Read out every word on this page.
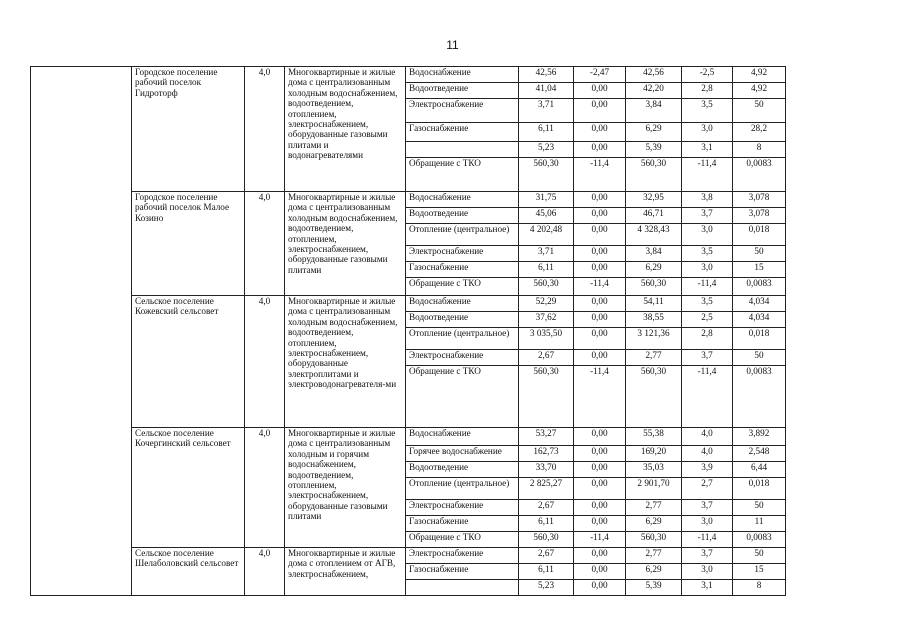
11
	Городское поселение рабочий поселок Гидроторф	4,0	Многоквартирные и жилые дома с централизованным холодным водоснабжением, водоотведением, отоплением, электроснабжением, оборудованные газовыми плитами и водонагревателями	Водоснабжение	42,56	-2,47	42,56	-2,5	4,92
				Водоотведение	41,04	0,00	42,20	2,8	4,92
				Электроснабжение	3,71	0,00	3,84	3,5	50
				Газоснабжение	6,11	0,00	6,29	3,0	28,2
					5,23	0,00	5,39	3,1	8
				Обращение с ТКО	560,30	-11,4	560,30	-11,4	0,0083
	Городское поселение рабочий поселок Малое Козино	4,0	Многоквартирные и жилые дома с централизованным холодным водоснабжением, водоотведением, отоплением, электроснабжением, оборудованные газовыми плитами	Водоснабжение	31,75	0,00	32,95	3,8	3,078
				Водоотведение	45,06	0,00	46,71	3,7	3,078
				Отопление (центральное)	4 202,48	0,00	4 328,43	3,0	0,018
				Электроснабжение	3,71	0,00	3,84	3,5	50
				Газоснабжение	6,11	0,00	6,29	3,0	15
				Обращение с ТКО	560,30	-11,4	560,30	-11,4	0,0083
	Сельское поселение Кожевский сельсовет	4,0	Многоквартирные и жилые дома с централизованным холодным водоснабжением, водоотведением, отоплением, электроснабжением, оборудованные электроплитами и электроводонагревателя-ми	Водоснабжение	52,29	0,00	54,11	3,5	4,034
				Водоотведение	37,62	0,00	38,55	2,5	4,034
				Отопление (центральное)	3 035,50	0,00	3 121,36	2,8	0,018
				Электроснабжение	2,67	0,00	2,77	3,7	50
				Обращение с ТКО	560,30	-11,4	560,30	-11,4	0,0083
	Сельское поселение Кочергинский сельсовет	4,0	Многоквартирные и жилые дома с централизованным холодным и горячим водоснабжением, водоотведением, отоплением, электроснабжением, оборудованные газовыми плитами	Водоснабжение	53,27	0,00	55,38	4,0	3,892
				Горячее водоснабжение	162,73	0,00	169,20	4,0	2,548
				Водоотведение	33,70	0,00	35,03	3,9	6,44
				Отопление (центральное)	2 825,27	0,00	2 901,70	2,7	0,018
				Электроснабжение	2,67	0,00	2,77	3,7	50
				Газоснабжение	6,11	0,00	6,29	3,0	11
				Обращение с ТКО	560,30	-11,4	560,30	-11,4	0,0083
	Сельское поселение Шелаболовский сельсовет	4,0	Многоквартирные и жилые дома с отоплением от АГВ, электроснабжением,	Электроснабжение	2,67	0,00	2,77	3,7	50
				Газоснабжение	6,11	0,00	6,29	3,0	15
					5,23	0,00	5,39	3,1	8
